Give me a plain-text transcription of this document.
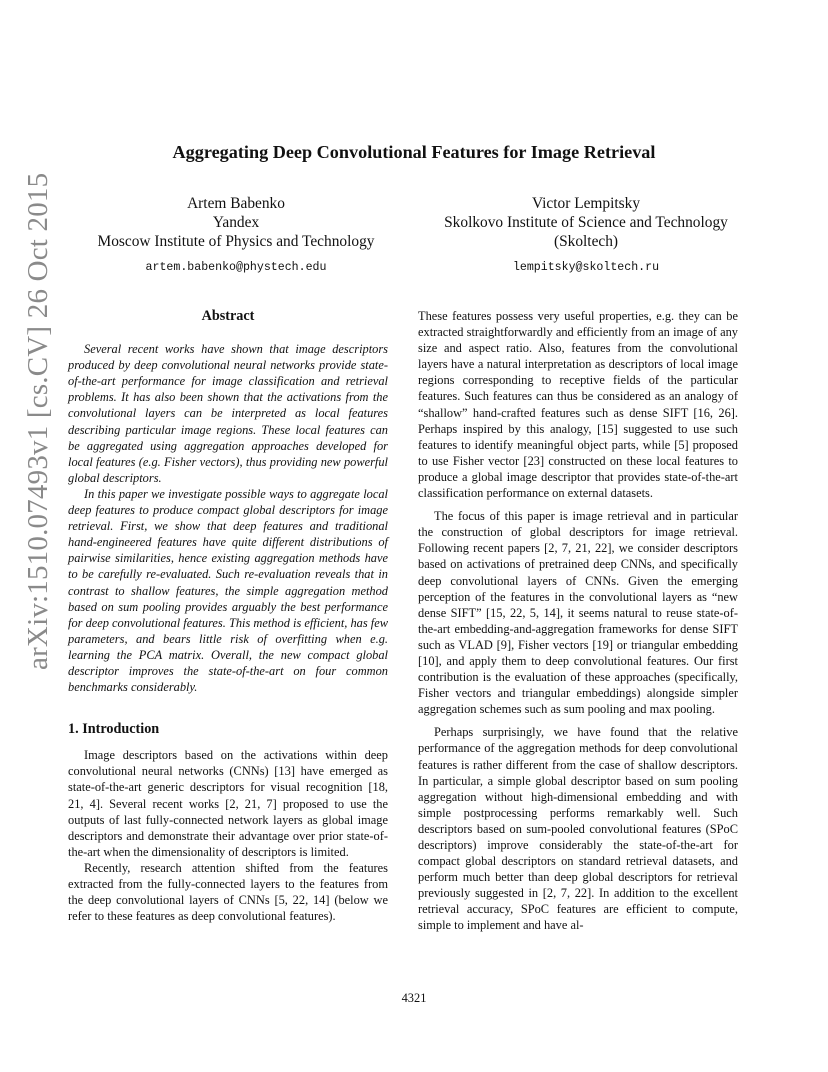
arXiv:1510.07493v1 [cs.CV] 26 Oct 2015
Aggregating Deep Convolutional Features for Image Retrieval
Artem Babenko
Yandex
Moscow Institute of Physics and Technology
artem.babenko@phystech.edu
Victor Lempitsky
Skolkovo Institute of Science and Technology
(Skoltech)
lempitsky@skoltech.ru
Abstract

Several recent works have shown that image descriptors produced by deep convolutional neural networks provide state-of-the-art performance for image classification and retrieval problems. It has also been shown that the activations from the convolutional layers can be interpreted as local features describing particular image regions. These local features can be aggregated using aggregation approaches developed for local features (e.g. Fisher vectors), thus providing new powerful global descriptors.

In this paper we investigate possible ways to aggregate local deep features to produce compact global descriptors for image retrieval. First, we show that deep features and traditional hand-engineered features have quite different distributions of pairwise similarities, hence existing aggregation methods have to be carefully re-evaluated. Such re-evaluation reveals that in contrast to shallow features, the simple aggregation method based on sum pooling provides arguably the best performance for deep convolutional features. This method is efficient, has few parameters, and bears little risk of overfitting when e.g. learning the PCA matrix. Overall, the new compact global descriptor improves the state-of-the-art on four common benchmarks considerably.

1. Introduction

Image descriptors based on the activations within deep convolutional neural networks (CNNs) [13] have emerged as state-of-the-art generic descriptors for visual recognition [18, 21, 4]. Several recent works [2, 21, 7] proposed to use the outputs of last fully-connected network layers as global image descriptors and demonstrate their advantage over prior state-of-the-art when the dimensionality of descriptors is limited.

Recently, research attention shifted from the features extracted from the fully-connected layers to the features from the deep convolutional layers of CNNs [5, 22, 14] (below we refer to these features as deep convolutional features).

These features possess very useful properties, e.g. they can be extracted straightforwardly and efficiently from an image of any size and aspect ratio. Also, features from the convolutional layers have a natural interpretation as descriptors of local image regions corresponding to receptive fields of the particular features. Such features can thus be considered as an analogy of “shallow” hand-crafted features such as dense SIFT [16, 26]. Perhaps inspired by this analogy, [15] suggested to use such features to identify meaningful object parts, while [5] proposed to use Fisher vector [23] constructed on these local features to produce a global image descriptor that provides state-of-the-art classification performance on external datasets.

The focus of this paper is image retrieval and in particular the construction of global descriptors for image retrieval. Following recent papers [2, 7, 21, 22], we consider descriptors based on activations of pretrained deep CNNs, and specifically deep convolutional layers of CNNs. Given the emerging perception of the features in the convolutional layers as “new dense SIFT” [15, 22, 5, 14], it seems natural to reuse state-of-the-art embedding-and-aggregation frameworks for dense SIFT such as VLAD [9], Fisher vectors [19] or triangular embedding [10], and apply them to deep convolutional features. Our first contribution is the evaluation of these approaches (specifically, Fisher vectors and triangular embeddings) alongside simpler aggregation schemes such as sum pooling and max pooling.

Perhaps surprisingly, we have found that the relative performance of the aggregation methods for deep convolutional features is rather different from the case of shallow descriptors. In particular, a simple global descriptor based on sum pooling aggregation without high-dimensional embedding and with simple postprocessing performs remarkably well. Such descriptors based on sum-pooled convolutional features (SPoC descriptors) improve considerably the state-of-the-art for compact global descriptors on standard retrieval datasets, and perform much better than deep global descriptors for retrieval previously suggested in [2, 7, 22]. In addition to the excellent retrieval accuracy, SPoC features are efficient to compute, simple to implement and have al-

4321
